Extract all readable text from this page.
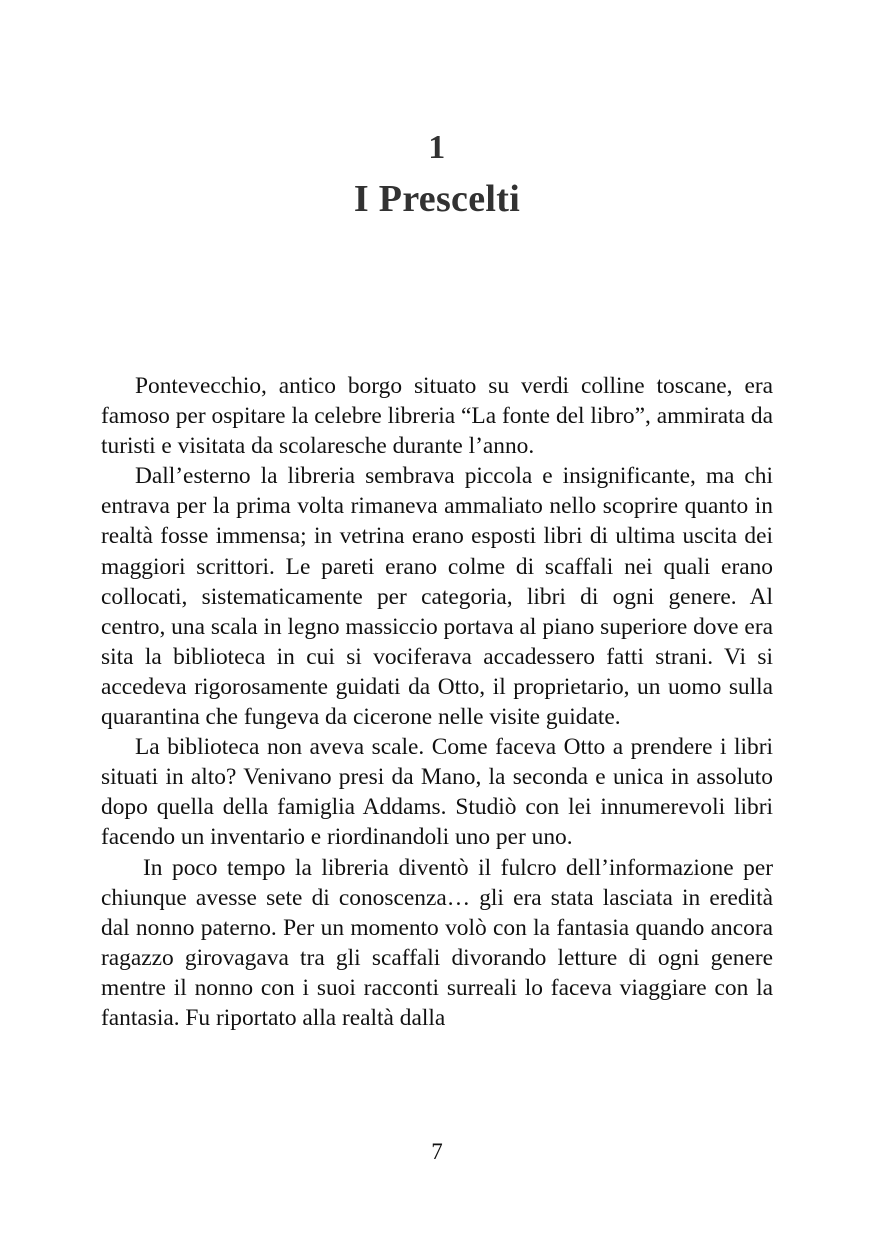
1
I Prescelti

Pontevecchio, antico borgo situato su verdi colline toscane, era famoso per ospitare la celebre libreria “La fonte del libro”, ammirata da turisti e visitata da scolaresche durante l’anno.

Dall’esterno la libreria sembrava piccola e insignificante, ma chi entrava per la prima volta rimaneva ammaliato nello scoprire quanto in realtà fosse immensa; in vetrina erano esposti libri di ultima uscita dei maggiori scrittori. Le pareti erano colme di scaffali nei quali erano collocati, sistematicamente per categoria, libri di ogni genere. Al centro, una scala in legno massiccio portava al piano superiore dove era sita la biblioteca in cui si vociferava accadessero fatti strani. Vi si accedeva rigorosamente guidati da Otto, il proprietario, un uomo sulla quarantina che fungeva da cicerone nelle visite guidate.

La biblioteca non aveva scale. Come faceva Otto a prendere i libri situati in alto? Venivano presi da Mano, la seconda e unica in assoluto dopo quella della famiglia Addams. Studiò con lei innumerevoli libri facendo un inventario e riordinandoli uno per uno.

In poco tempo la libreria diventò il fulcro dell’informazione per chiunque avesse sete di conoscenza… gli era stata lasciata in eredità dal nonno paterno. Per un momento volò con la fantasia quando ancora ragazzo girovagava tra gli scaffali divorando letture di ogni genere mentre il nonno con i suoi racconti surreali lo faceva viaggiare con la fantasia. Fu riportato alla realtà dalla

7
